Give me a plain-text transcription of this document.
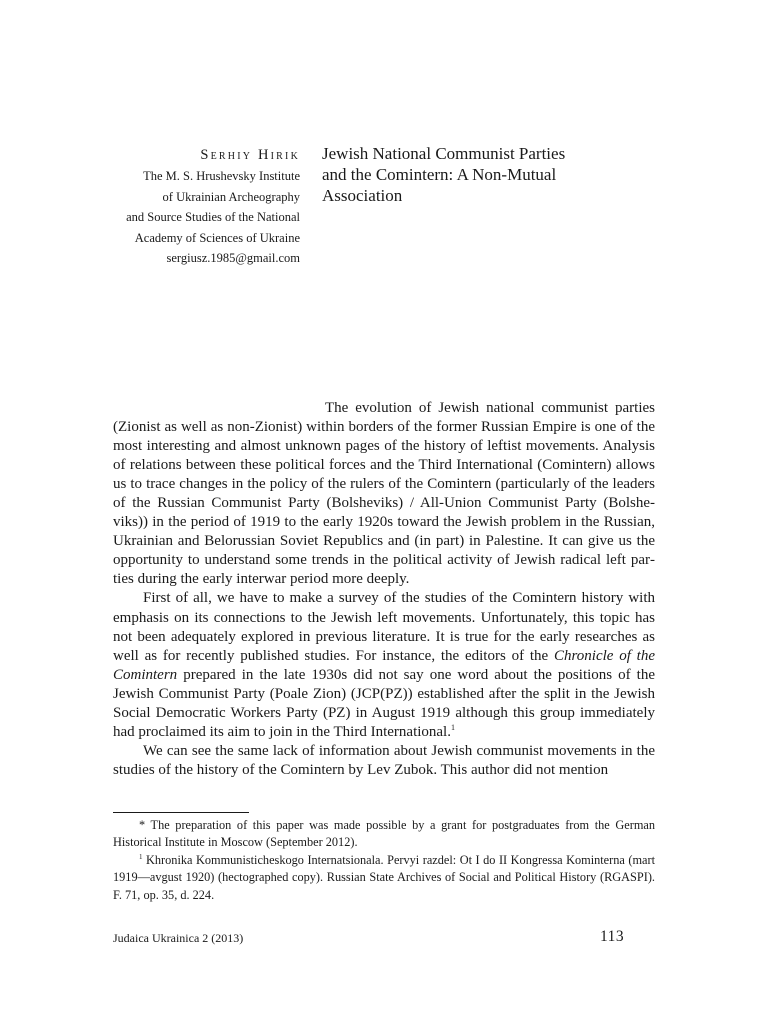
Serhiy Hirik
The M. S. Hrushevsky Institute
of Ukrainian Archeography
and Source Studies of the National
Academy of Sciences of Ukraine
sergiusz.1985@gmail.com
Jewish National Communist Parties
and the Comintern: A Non-Mutual
Association

The evolution of Jewish national communist parties (Zionist as well as non-Zionist) within borders of the former Russian Empire is one of the most interesting and almost unknown pages of the history of leftist movements. Analysis of relations between these political forces and the Third International (Comintern) allows us to trace changes in the policy of the rulers of the Comintern (particularly of the leaders of the Russian Communist Party (Bolsheviks) / All-Union Communist Party (Bolsheviks)) in the period of 1919 to the early 1920s toward the Jewish problem in the Russian, Ukrainian and Belorussian Soviet Republics and (in part) in Palestine. It can give us the opportunity to understand some trends in the political activity of Jewish radical left parties during the early interwar period more deeply.

First of all, we have to make a survey of the studies of the Comintern history with emphasis on its connections to the Jewish left movements. Unfortunately, this topic has not been adequately explored in previous literature. It is true for the early researches as well as for recently published studies. For instance, the editors of the Chronicle of the Comintern prepared in the late 1930s did not say one word about the positions of the Jewish Communist Party (Poale Zion) (JCP(PZ)) established after the split in the Jewish Social Democratic Workers Party (PZ) in August 1919 although this group immediately had proclaimed its aim to join in the Third International.$^1$

We can see the same lack of information about Jewish communist movements in the studies of the history of the Comintern by Lev Zubok. This author did not mention

* The preparation of this paper was made possible by a grant for postgraduates from the German Historical Institute in Moscow (September 2012).

$^1$ Khronika Kommunisticheskogo Internatsionala. Pervyi razdel: Ot I do II Kongressa Kominterna (mart 1919—avgust 1920) (hectographed copy). Russian State Archives of Social and Political History (RGASPI). F. 71, op. 35, d. 224.

Judaica Ukrainica 2 (2013)	113
